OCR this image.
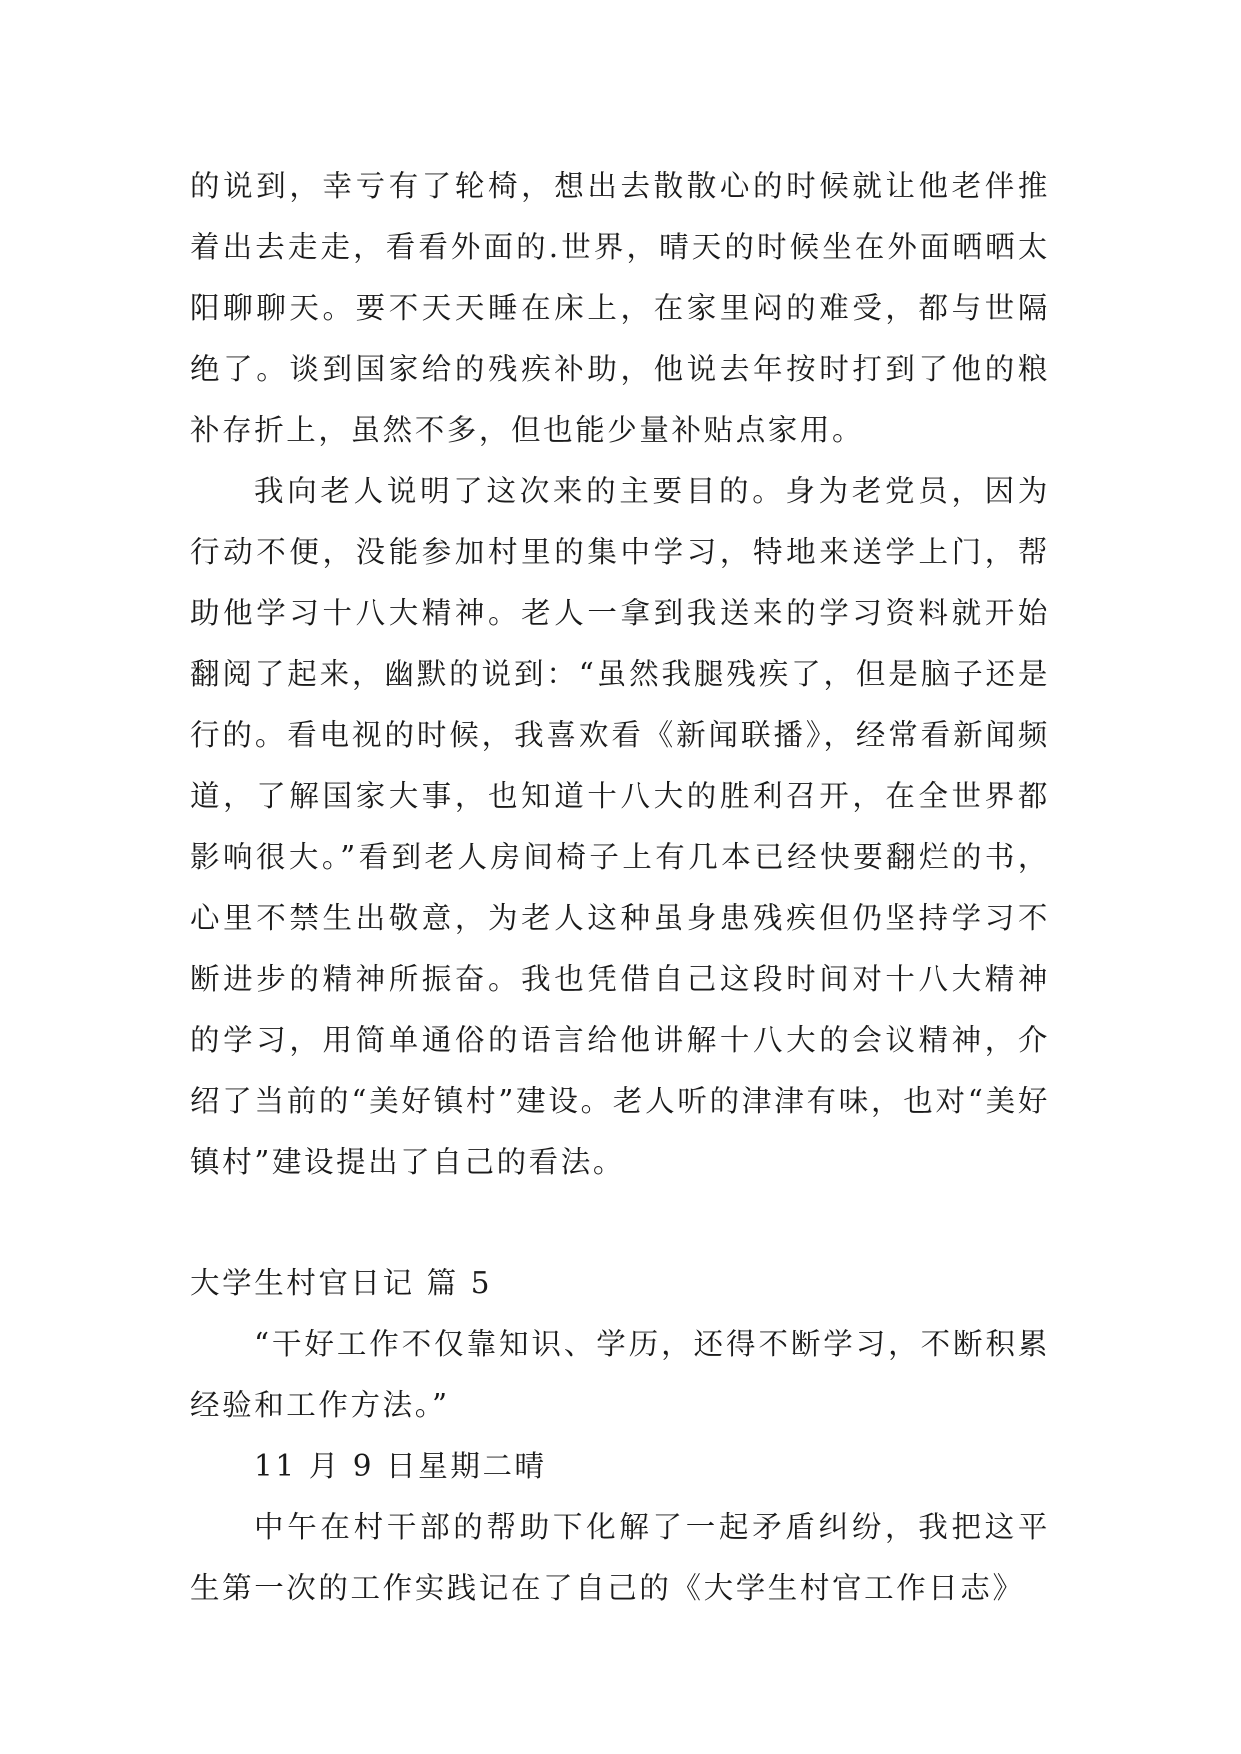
的说到，幸亏有了轮椅，想出去散散心的时候就让他老伴推着出去走走，看看外面的.世界，晴天的时候坐在外面晒晒太阳聊聊天。要不天天睡在床上，在家里闷的难受，都与世隔绝了。谈到国家给的残疾补助，他说去年按时打到了他的粮补存折上，虽然不多，但也能少量补贴点家用。

我向老人说明了这次来的主要目的。身为老党员，因为行动不便，没能参加村里的集中学习，特地来送学上门，帮助他学习十八大精神。老人一拿到我送来的学习资料就开始翻阅了起来，幽默的说到：“虽然我腿残疾了，但是脑子还是行的。看电视的时候，我喜欢看《新闻联播》，经常看新闻频道，了解国家大事，也知道十八大的胜利召开，在全世界都影响很大。”看到老人房间椅子上有几本已经快要翻烂的书，心里不禁生出敬意，为老人这种虽身患残疾但仍坚持学习不断进步的精神所振奋。我也凭借自己这段时间对十八大精神的学习，用简单通俗的语言给他讲解十八大的会议精神，介绍了当前的“美好镇村”建设。老人听的津津有味，也对“美好镇村”建设提出了自己的看法。

大学生村官日记 篇 5

“干好工作不仅靠知识、学历，还得不断学习，不断积累经验和工作方法。”

11 月 9 日星期二晴

中午在村干部的帮助下化解了一起矛盾纠纷，我把这平生第一次的工作实践记在了自己的《大学生村官工作日志》
